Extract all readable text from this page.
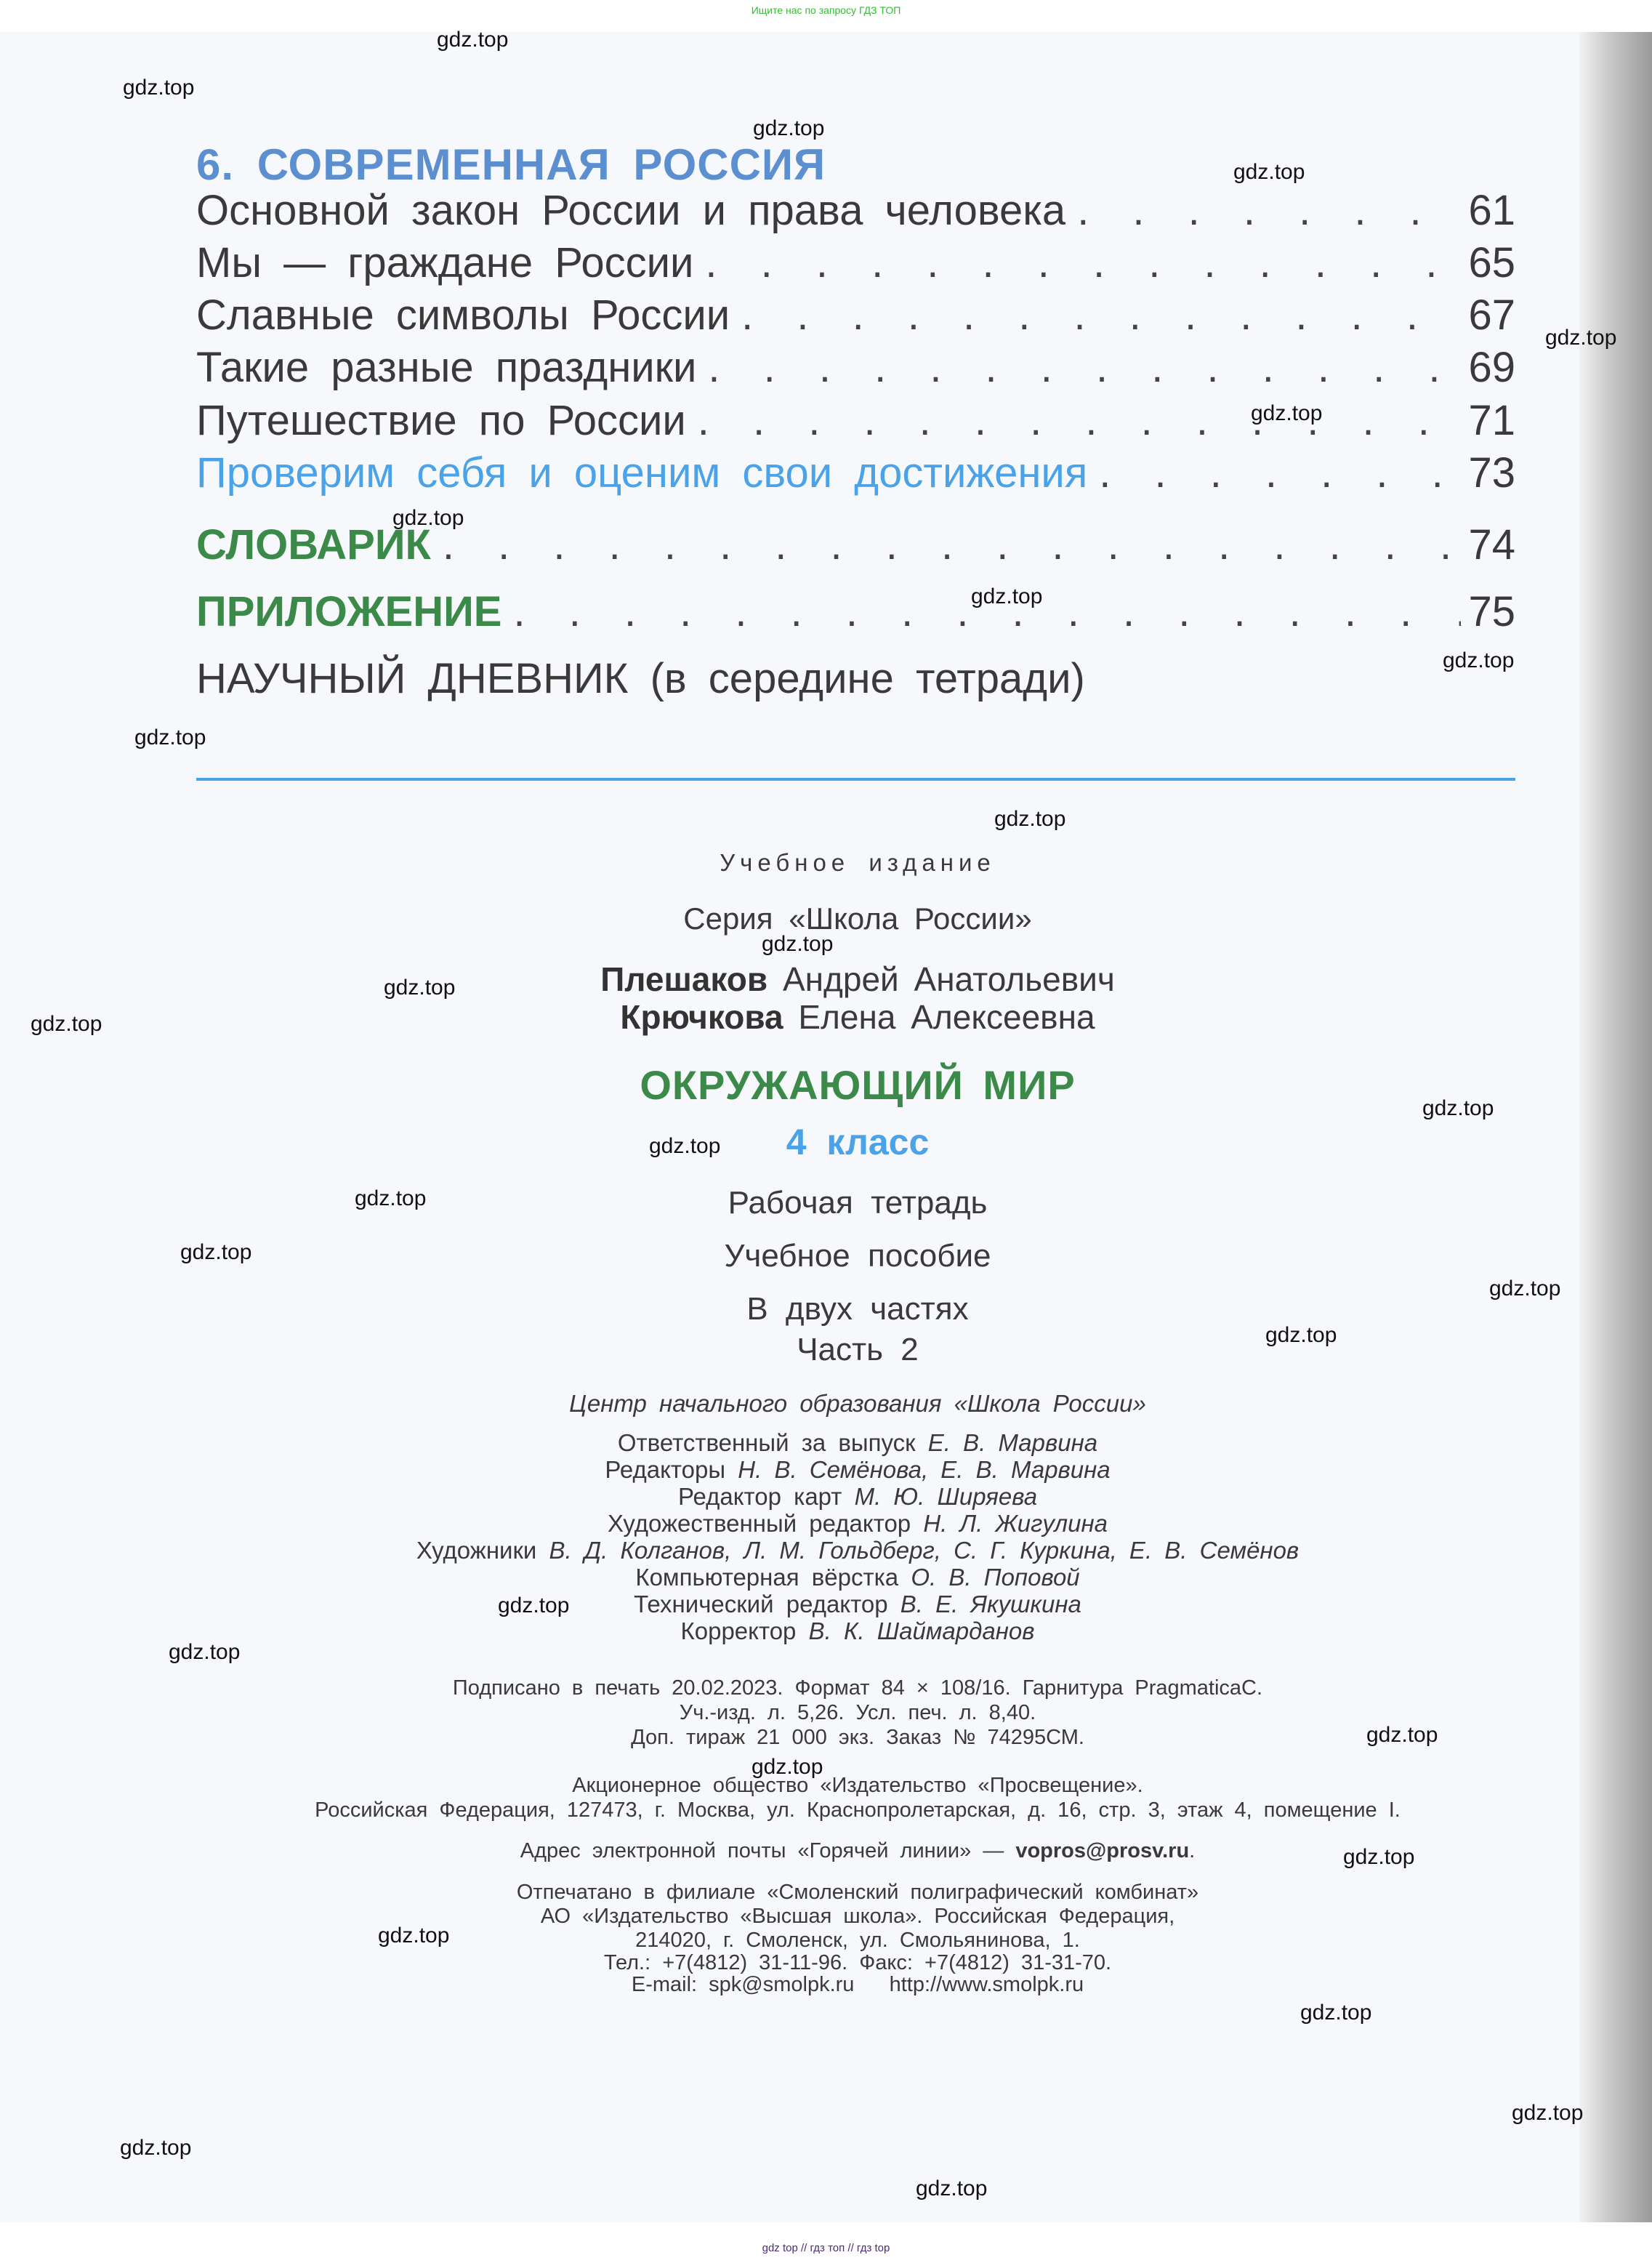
Ищите нас по запросу ГДЗ ТОП
6. СОВРЕМЕННАЯ РОССИЯ
Основной закон России и права человека . . .	61
Мы — граждане России . . .	65
Славные символы России . . .	67
Такие разные праздники . . .	69
Путешествие по России . . .	71
Проверим себя и оценим свои достижения . . .	73
СЛОВАРИК . . .	74
ПРИЛОЖЕНИЕ . . .	75
НАУЧНЫЙ ДНЕВНИК (в середине тетради)
Учебное издание
Серия «Школа России»
Плешаков Андрей Анатольевич
Крючкова Елена Алексеевна
ОКРУЖАЮЩИЙ МИР
4 класс
Рабочая тетрадь
Учебное пособие
В двух частях
Часть 2
Центр начального образования «Школа России»
Ответственный за выпуск Е. В. Марвина
Редакторы Н. В. Семёнова, Е. В. Марвина
Редактор карт М. Ю. Ширяева
Художественный редактор Н. Л. Жигулина
Художники В. Д. Колганов, Л. М. Гольдберг, С. Г. Куркина, Е. В. Семёнов
Компьютерная вёрстка О. В. Поповой
Технический редактор В. Е. Якушкина
Корректор В. К. Шаймарданов
Подписано в печать 20.02.2023. Формат 84 × 108/16. Гарнитура PragmaticaC.
Уч.-изд. л. 5,26. Усл. печ. л. 8,40.
Доп. тираж 21 000 экз. Заказ № 74295СМ.
Акционерное общество «Издательство «Просвещение».
Российская Федерация, 127473, г. Москва, ул. Краснопролетарская, д. 16, стр. 3, этаж 4, помещение I.
Адрес электронной почты «Горячей линии» — vopros@prosv.ru.
Отпечатано в филиале «Смоленский полиграфический комбинат»
АО «Издательство «Высшая школа». Российская Федерация,
214020, г. Смоленск, ул. Смольянинова, 1.
Тел.: +7(4812) 31-11-96. Факс: +7(4812) 31-31-70.
E-mail: spk@smolpk.ru   http://www.smolpk.ru
gdz.top
gdz.top
gdz.top
gdz.top
gdz.top
gdz.top
gdz.top
gdz.top
gdz.top
gdz.top
gdz.top
gdz.top
gdz.top
gdz.top
gdz.top
gdz.top
gdz.top
gdz.top
gdz.top
gdz.top
gdz.top
gdz.top
gdz.top
gdz.top
gdz.top
gdz.top
gdz.top
gdz.top
gdz.top
gdz.top
gdz top // гдз топ // гдз top
